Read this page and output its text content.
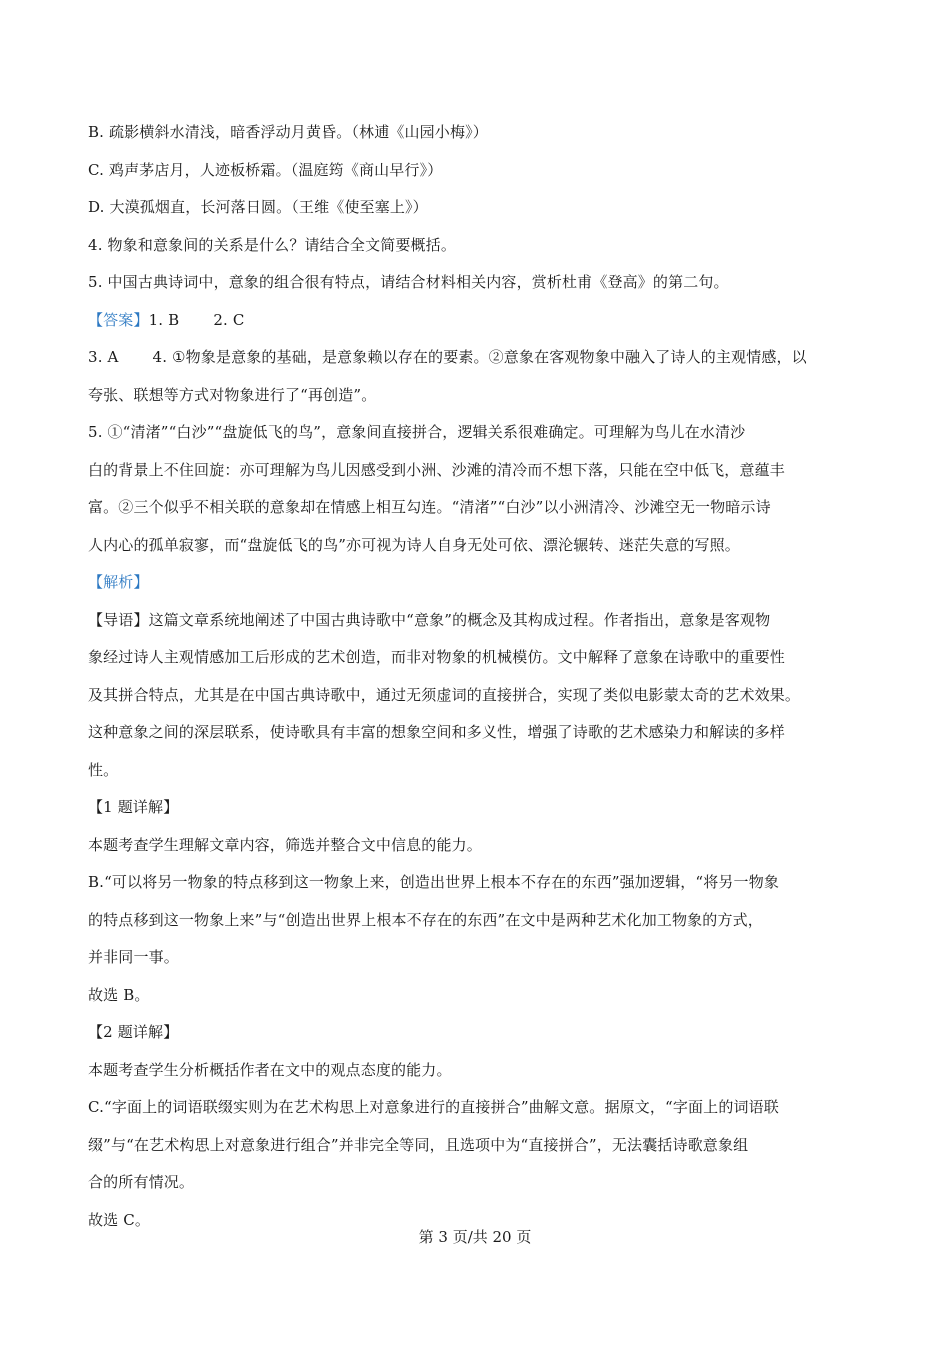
B. 疏影横斜水清浅，暗香浮动月黄昏。（林逋《山园小梅》）
C. 鸡声茅店月，人迹板桥霜。（温庭筠《商山早行》）
D. 大漠孤烟直，长河落日圆。（王维《使至塞上》）
4. 物象和意象间的关系是什么？请结合全文简要概括。
5. 中国古典诗词中，意象的组合很有特点，请结合材料相关内容，赏析杜甫《登高》的第二句。
【答案】1. B 2. C
3. A 4. ①物象是意象的基础，是意象赖以存在的要素。②意象在客观物象中融入了诗人的主观情感，以
夸张、联想等方式对物象进行了“再创造”。
5. ①“清渚”“白沙”“盘旋低飞的鸟”，意象间直接拼合，逻辑关系很难确定。可理解为鸟儿在水清沙
白的背景上不住回旋：亦可理解为鸟儿因感受到小洲、沙滩的清冷而不想下落，只能在空中低飞，意蕴丰
富。②三个似乎不相关联的意象却在情感上相互勾连。“清渚”“白沙”以小洲清冷、沙滩空无一物暗示诗
人内心的孤单寂寥，而“盘旋低飞的鸟”亦可视为诗人自身无处可依、漂沦辗转、迷茫失意的写照。
【解析】
【导语】这篇文章系统地阐述了中国古典诗歌中“意象”的概念及其构成过程。作者指出，意象是客观物
象经过诗人主观情感加工后形成的艺术创造，而非对物象的机械模仿。文中解释了意象在诗歌中的重要性
及其拼合特点，尤其是在中国古典诗歌中，通过无须虚词的直接拼合，实现了类似电影蒙太奇的艺术效果。
这种意象之间的深层联系，使诗歌具有丰富的想象空间和多义性，增强了诗歌的艺术感染力和解读的多样
性。
【1 题详解】
本题考查学生理解文章内容，筛选并整合文中信息的能力。
B.“可以将另一物象的特点移到这一物象上来，创造出世界上根本不存在的东西”强加逻辑，“将另一物象
的特点移到这一物象上来”与“创造出世界上根本不存在的东西”在文中是两种艺术化加工物象的方式，
并非同一事。
故选 B。
【2 题详解】
本题考查学生分析概括作者在文中的观点态度的能力。
C.“字面上的词语联缀实则为在艺术构思上对意象进行的直接拼合”曲解文意。据原文，“字面上的词语联
缀”与“在艺术构思上对意象进行组合”并非完全等同，且选项中为“直接拼合”，无法囊括诗歌意象组
合的所有情况。
故选 C。
第 3 页/共 20 页
